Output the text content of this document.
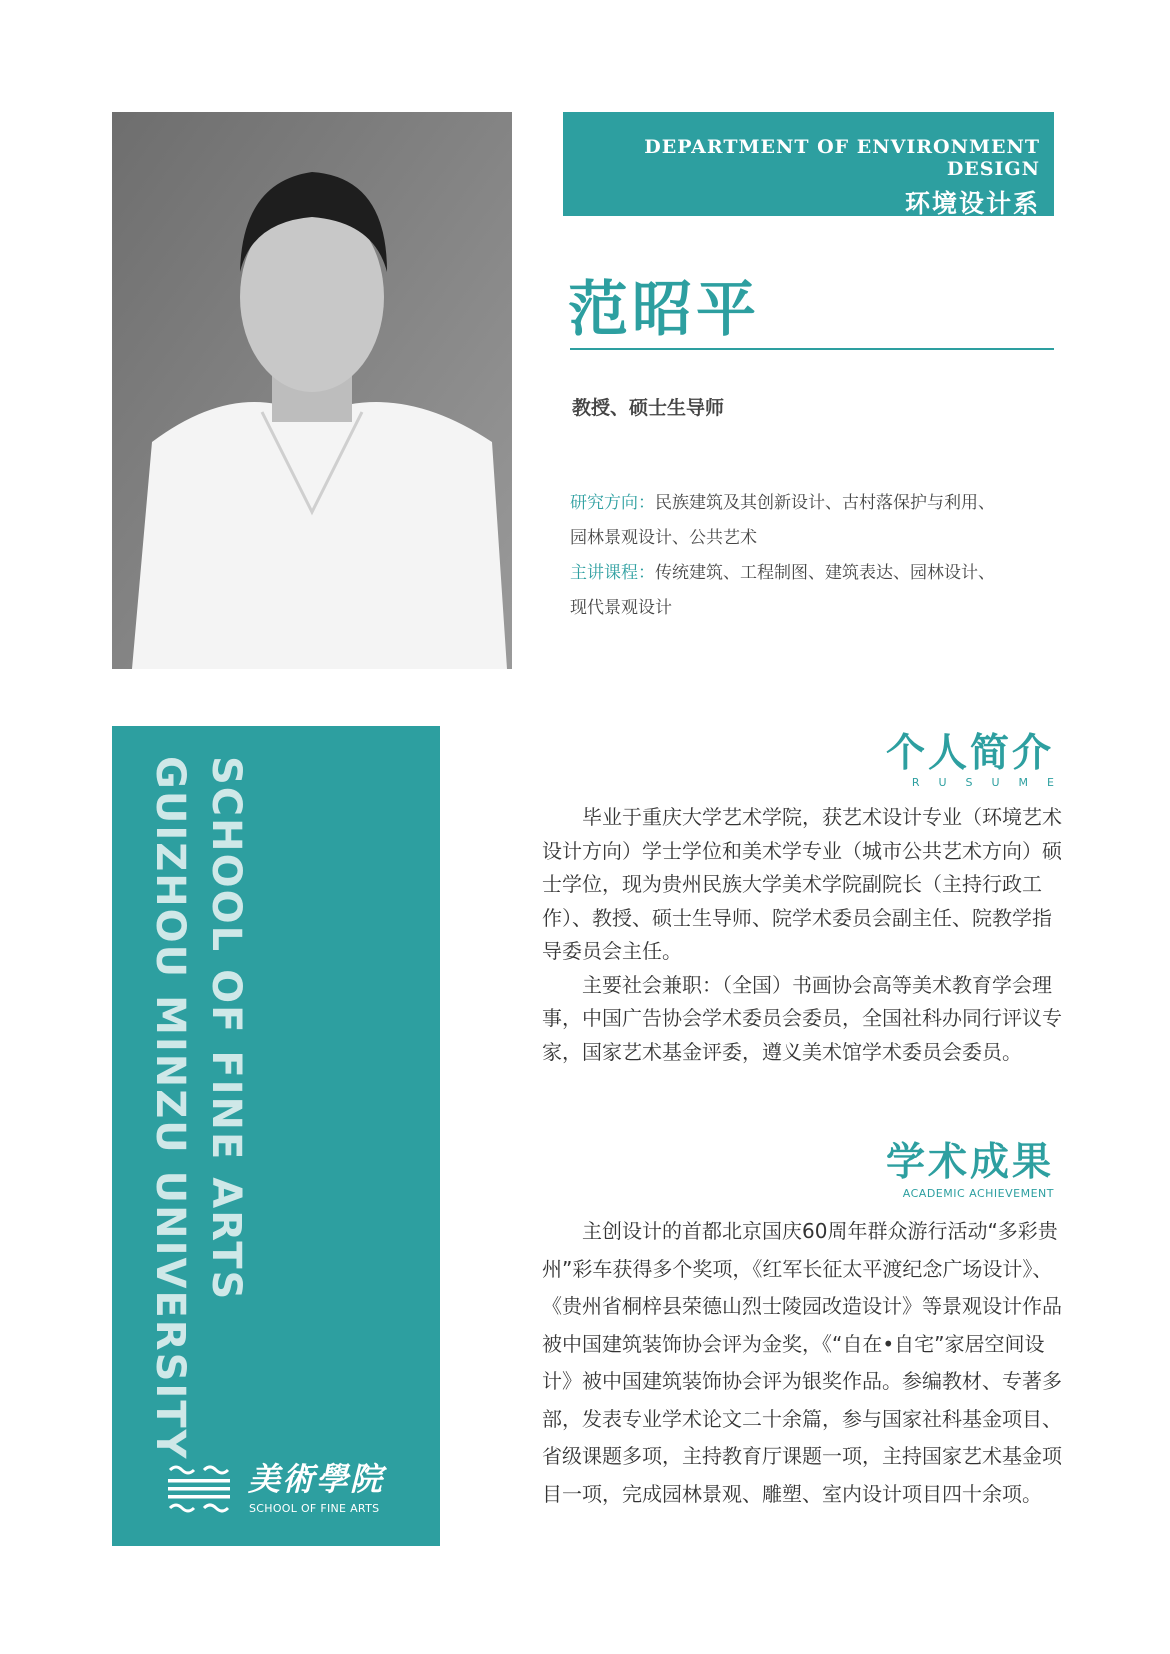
DEPARTMENT OF ENVIRONMENT DESIGN
环境设计系
范昭平
教授、硕士生导师
研究方向：民族建筑及其创新设计、古村落保护与利用、
园林景观设计、公共艺术
主讲课程：传统建筑、工程制图、建筑表达、园林设计、
现代景观设计
SCHOOL OF FINE ARTS
GUIZHOU MINZU UNIVERSITY
美術學院
SCHOOL OF FINE ARTS
个人简介
RUSUME

毕业于重庆大学艺术学院，获艺术设计专业（环境艺术设计方向）学士学位和美术学专业（城市公共艺术方向）硕士学位，现为贵州民族大学美术学院副院长（主持行政工作）、教授、硕士生导师、院学术委员会副主任、院教学指导委员会主任。

主要社会兼职：（全国）书画协会高等美术教育学会理事，中国广告协会学术委员会委员，全国社科办同行评议专家，国家艺术基金评委，遵义美术馆学术委员会委员。

学术成果
ACADEMIC ACHIEVEMENT

主创设计的首都北京国庆60周年群众游行活动“多彩贵州”彩车获得多个奖项，《红军长征太平渡纪念广场设计》、《贵州省桐梓县荣德山烈士陵园改造设计》等景观设计作品被中国建筑装饰协会评为金奖，《“自在•自宅”家居空间设计》被中国建筑装饰协会评为银奖作品。参编教材、专著多部，发表专业学术论文二十余篇，参与国家社科基金项目、省级课题多项，主持教育厅课题一项，主持国家艺术基金项目一项，完成园林景观、雕塑、室内设计项目四十余项。
